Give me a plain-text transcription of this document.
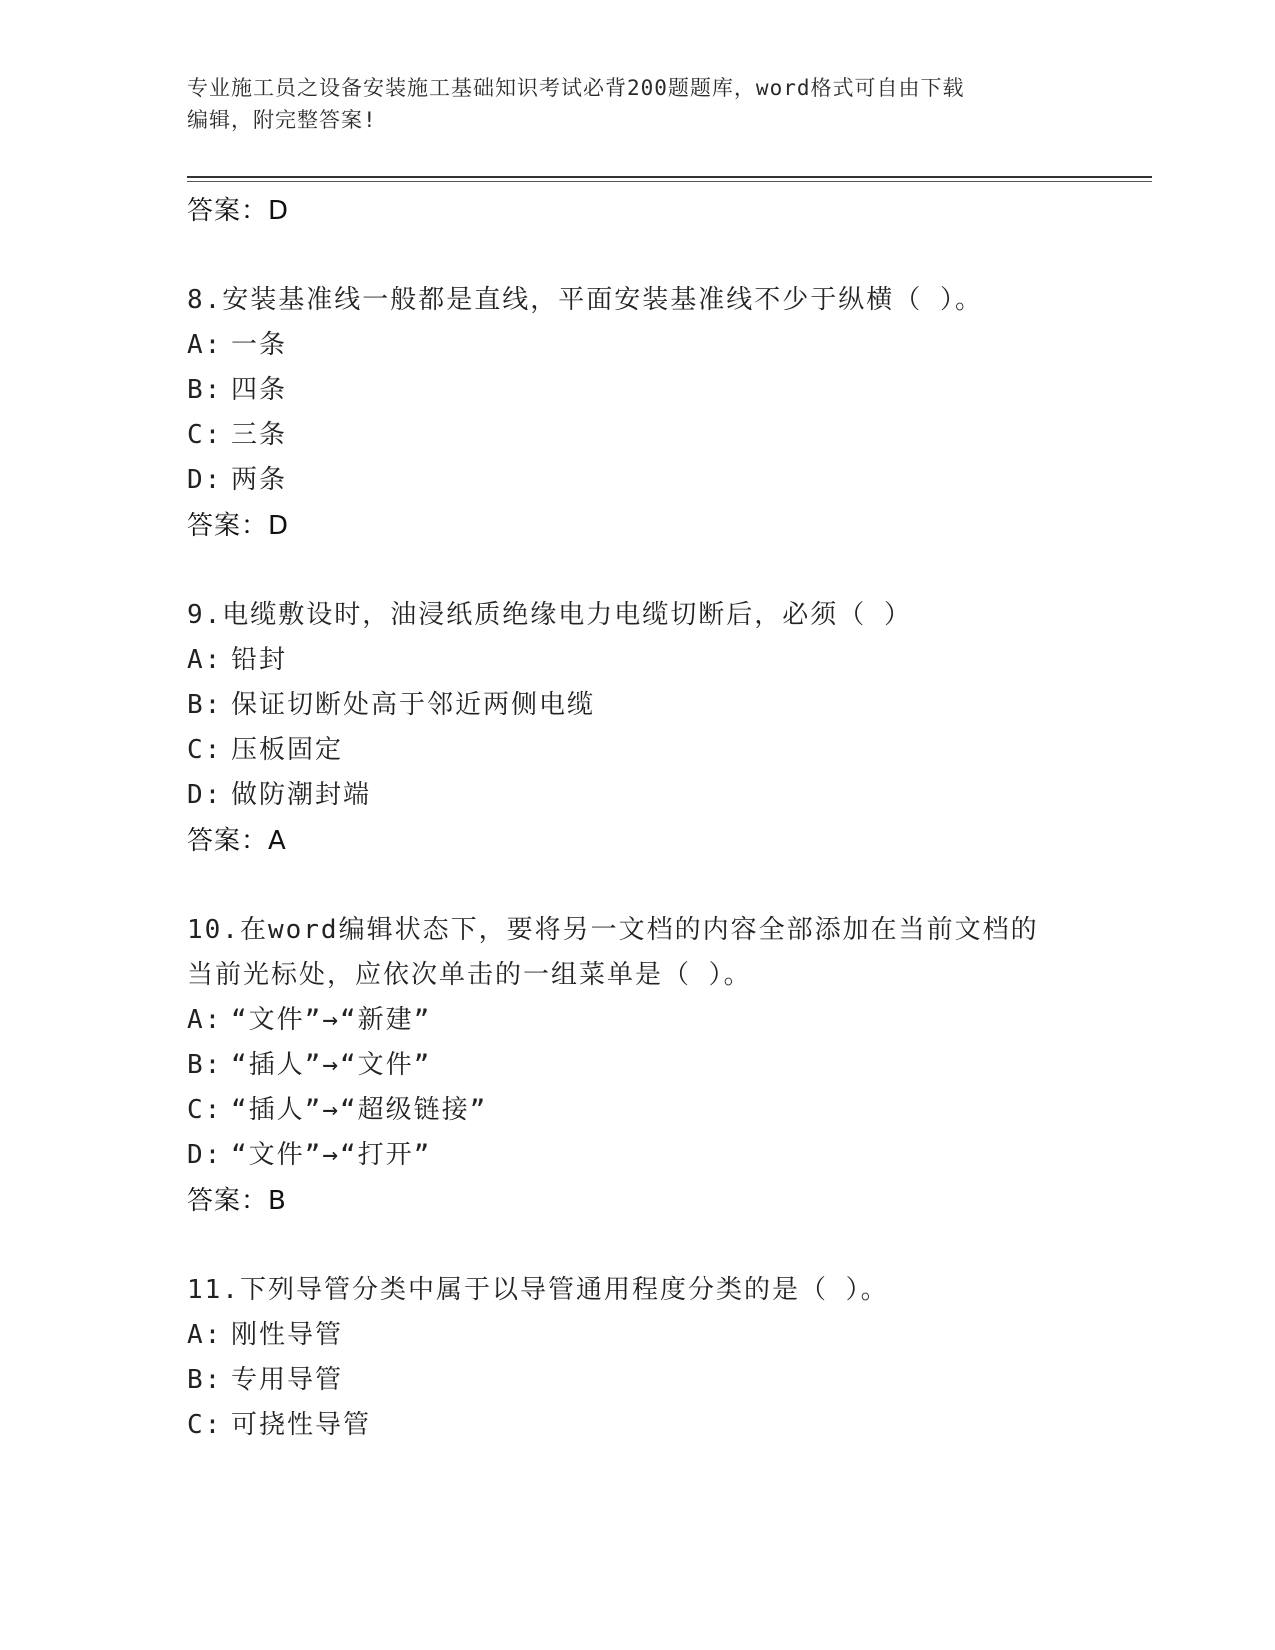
专业施工员之设备安装施工基础知识考试必背200题题库，word格式可自由下载
编辑，附完整答案!
答案：D
8.安装基准线一般都是直线，平面安装基准线不少于纵横（ ）。
A: 一条
B: 四条
C: 三条
D: 两条
答案：D
9.电缆敷设时，油浸纸质绝缘电力电缆切断后，必须（ ）
A: 铅封
B: 保证切断处高于邻近两侧电缆
C: 压板固定
D: 做防潮封端
答案：A
10.在word编辑状态下，要将另一文档的内容全部添加在当前文档的
当前光标处，应依次单击的一组菜单是（ ）。
A: “文件”→“新建”
B: “插人”→“文件”
C: “插人”→“超级链接”
D: “文件”→“打开”
答案：B
11.下列导管分类中属于以导管通用程度分类的是（ ）。
A: 刚性导管
B: 专用导管
C: 可挠性导管
